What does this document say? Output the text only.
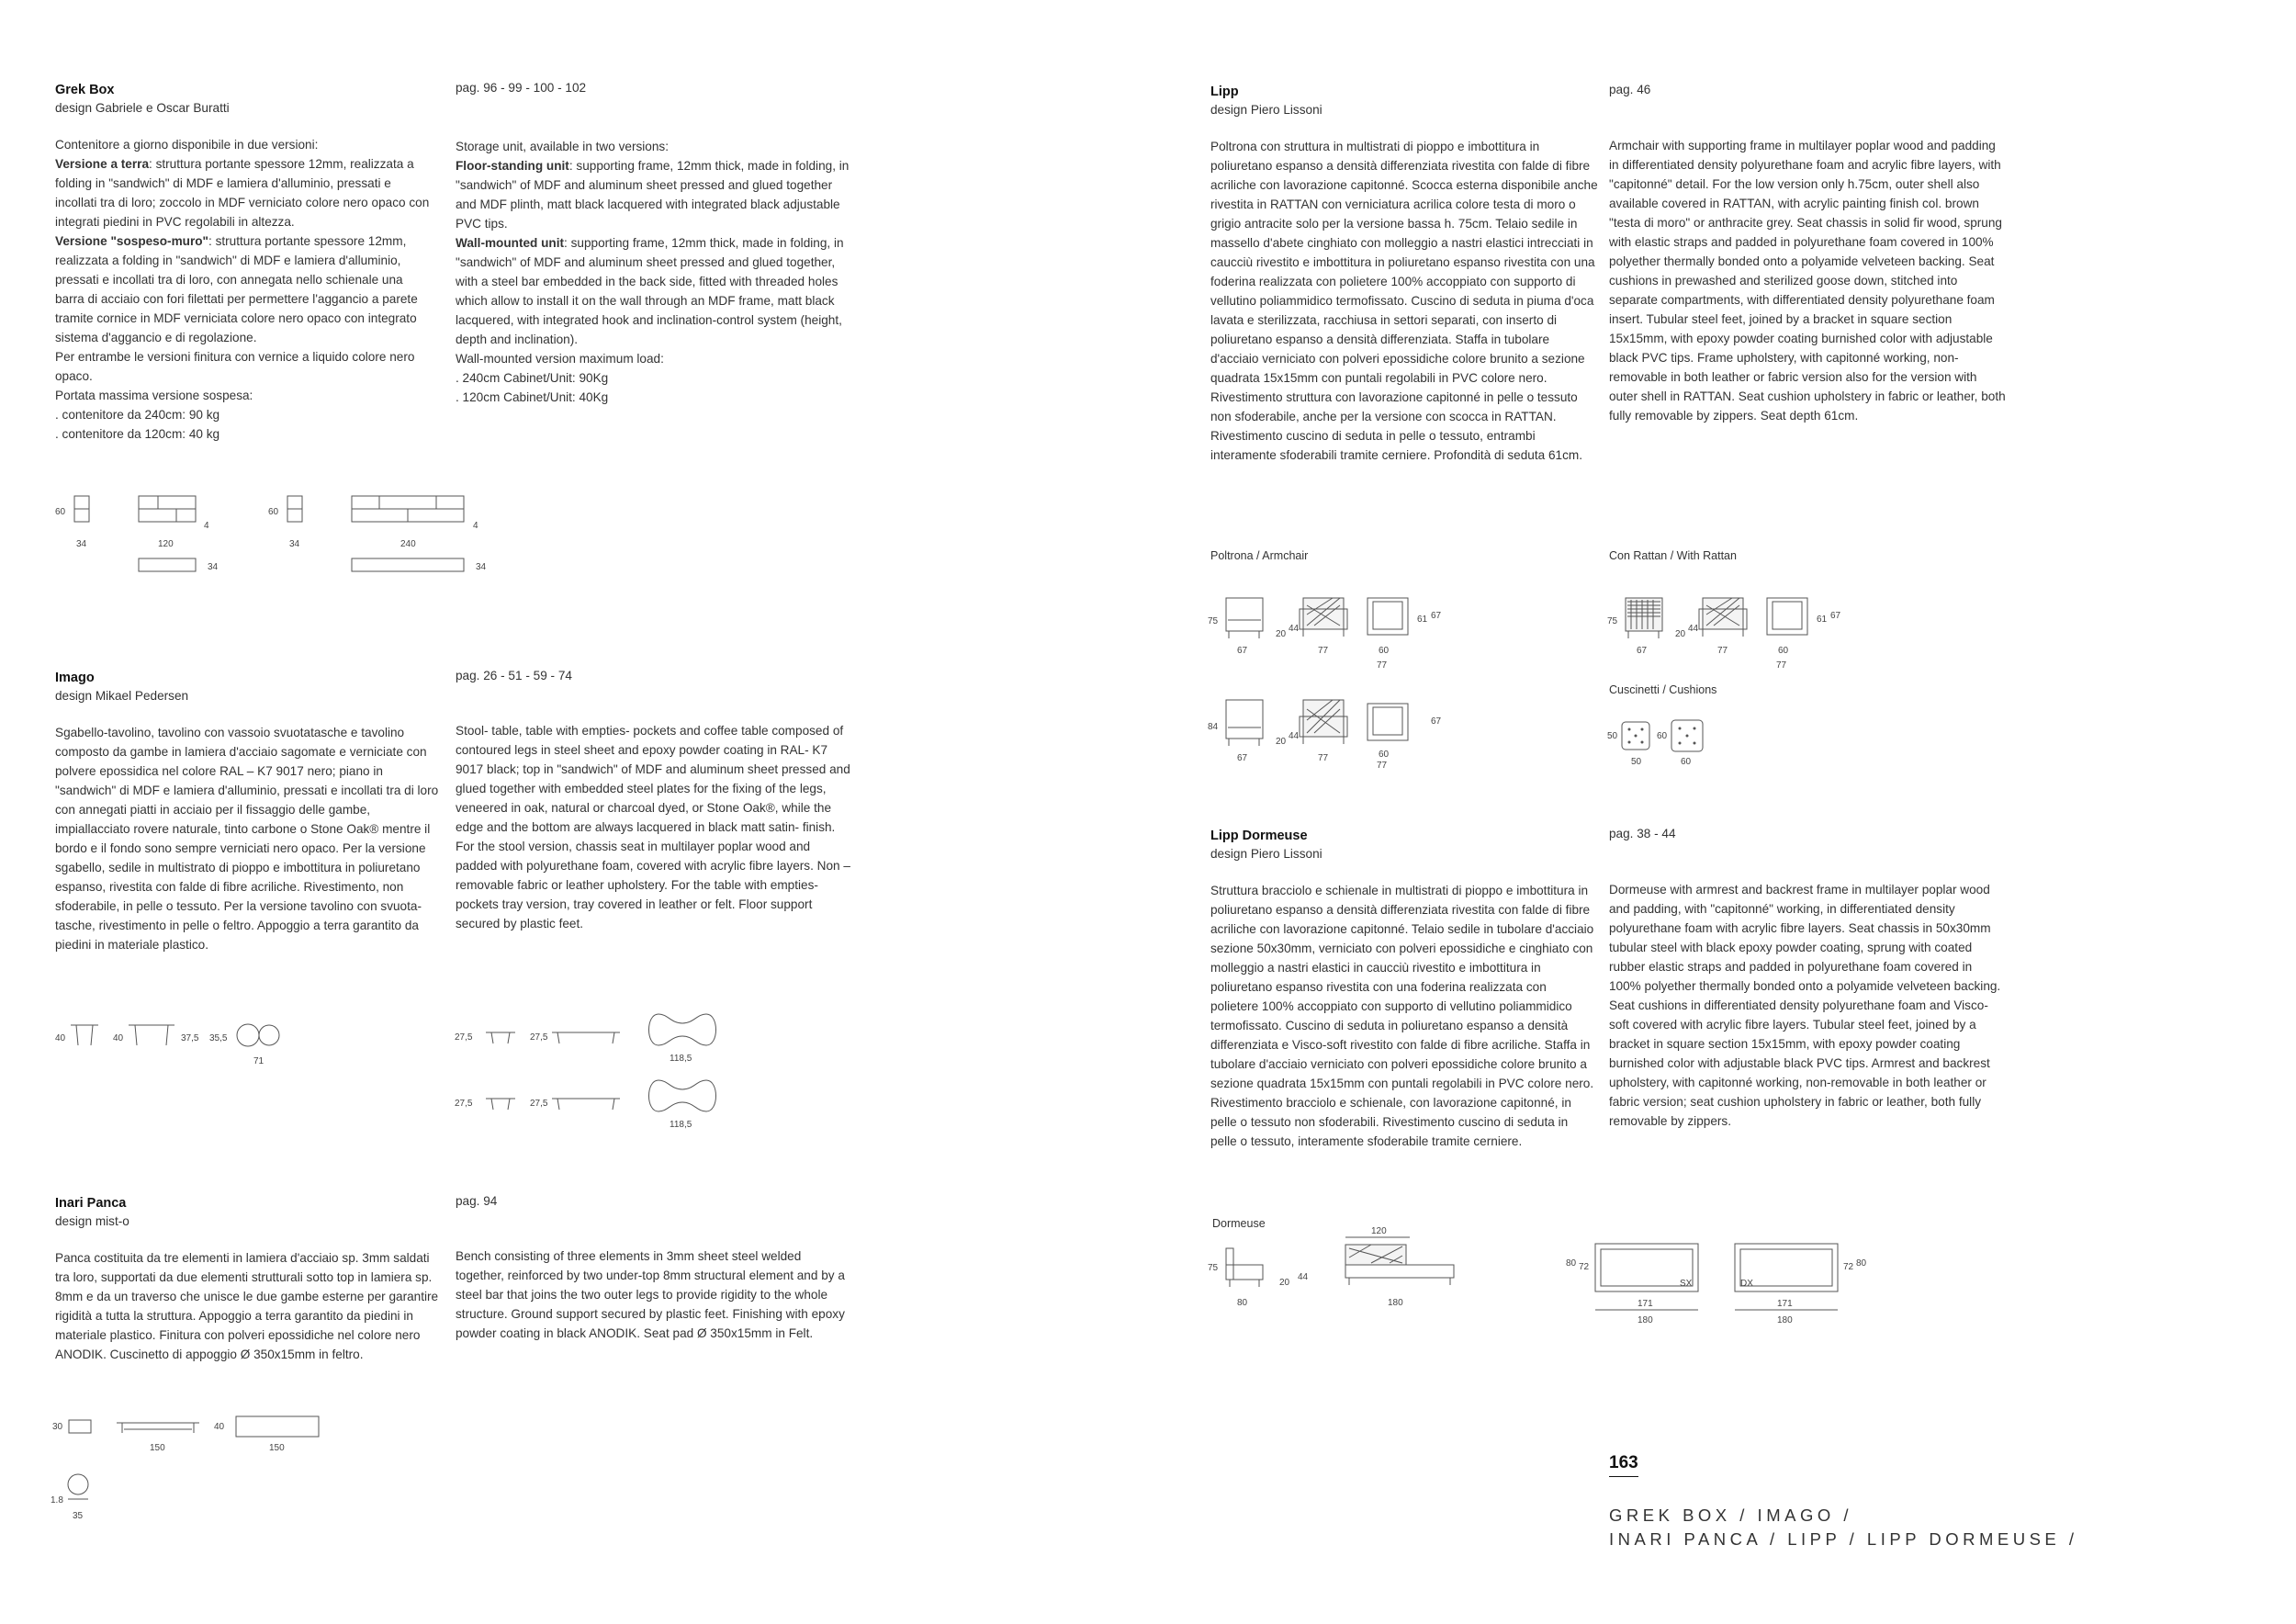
Grek Box
design Gabriele e Oscar Buratti

Contenitore a giorno disponibile in due versioni:

Versione a terra: struttura portante spessore 12mm, realizzata a folding in "sandwich" di MDF e lamiera d'alluminio, pressati e incollati tra di loro; zoccolo in MDF verniciato colore nero opaco con integrati piedini in PVC regolabili in altezza.

Versione "sospeso-muro": struttura portante spessore 12mm, realizzata a folding in "sandwich" di MDF e lamiera d'alluminio, pressati e incollati tra di loro, con annegata nello schienale una barra di acciaio con fori filettati per permettere l'aggancio a parete tramite cornice in MDF verniciata colore nero opaco con integrato sistema d'aggancio e di regolazione.

Per entrambe le versioni finitura con vernice a liquido colore nero opaco.

Portata massima versione sospesa:

. contenitore da 240cm: 90 kg

. contenitore da 120cm: 40 kg

pag. 96 - 99 - 100 - 102

Storage unit, available in two versions:

Floor-standing unit: supporting frame, 12mm thick, made in folding, in "sandwich" of MDF and aluminum sheet pressed and glued together and MDF plinth, matt black lacquered with integrated black adjustable PVC tips.

Wall-mounted unit: supporting frame, 12mm thick, made in folding, in "sandwich" of MDF and aluminum sheet pressed and glued together, with a steel bar embedded in the back side, fitted with threaded holes which allow to install it on the wall through an MDF frame, matt black lacquered, with integrated hook and inclination-control system (height, depth and inclination).

Wall-mounted version maximum load:

. 240cm Cabinet/Unit: 90Kg

. 120cm Cabinet/Unit: 40Kg

60
34	120
4
34
60
34	240
4
34
Imago
design Mikael Pedersen

Sgabello-tavolino, tavolino con vassoio svuotatasche e tavolino composto da gambe in lamiera d'acciaio sagomate e verniciate con polvere epossidica nel colore RAL – K7 9017 nero; piano in "sandwich" di MDF e lamiera d'alluminio, pressati e incollati tra di loro con annegati piatti in acciaio per il fissaggio delle gambe, impiallacciato rovere naturale, tinto carbone o Stone Oak® mentre il bordo e il fondo sono sempre verniciati nero opaco. Per la versione sgabello, sedile in multistrato di pioppo e imbottitura in poliuretano espanso, rivestita con falde di fibre acriliche. Rivestimento, non sfoderabile, in pelle o tessuto. Per la versione tavolino con svuota-tasche, rivestimento in pelle o feltro. Appoggio a terra garantito da piedini in materiale plastico.

pag. 26 - 51 - 59 - 74

Stool- table, table with empties- pockets and coffee table composed of contoured legs in steel sheet and epoxy powder coating in RAL- K7 9017 black; top in "sandwich" of MDF and aluminum sheet pressed and glued together with embedded steel plates for the fixing of the legs, veneered in oak, natural or charcoal dyed, or Stone Oak®, while the edge and the bottom are always lacquered in black matt satin- finish. For the stool version, chassis seat in multilayer poplar wood and padded with polyurethane foam, covered with acrylic fibre layers. Non – removable fabric or leather upholstery. For the table with empties-pockets tray version, tray covered in leather or felt. Floor support secured by plastic feet.

40	40	37,5 35,5
71
27,5	27,5
118,5
27,5	27,5
118,5
Inari Panca
design mist-o

Panca costituita da tre elementi in lamiera d'acciaio sp. 3mm saldati tra loro, supportati da due elementi strutturali sotto top in lamiera sp. 8mm e da un traverso che unisce le due gambe esterne per garantire rigidità a tutta la struttura. Appoggio a terra garantito da piedini in materiale plastico. Finitura con polveri epossidiche nel colore nero ANODIK. Cuscinetto di appoggio Ø 350x15mm in feltro.

pag. 94

Bench consisting of three elements in 3mm sheet steel welded together, reinforced by two under-top 8mm structural element and by a steel bar that joins the two outer legs to provide rigidity to the whole structure. Ground support secured by plastic feet. Finishing with epoxy powder coating in black ANODIK. Seat pad Ø 350x15mm in Felt.

30
150
40
150
1.8
35
Lipp
design Piero Lissoni

Poltrona con struttura in multistrati di pioppo e imbottitura in poliuretano espanso a densità differenziata rivestita con falde di fibre acriliche con lavorazione capitonné. Scocca esterna disponibile anche rivestita in RATTAN con verniciatura acrilica colore testa di moro o grigio antracite solo per la versione bassa h. 75cm. Telaio sedile in massello d'abete cinghiato con molleggio a nastri elastici intrecciati in caucciù rivestito e imbottitura in poliuretano espanso rivestita con una foderina realizzata con polietere 100% accoppiato con supporto di vellutino poliammidico termofissato. Cuscino di seduta in piuma d'oca lavata e sterilizzata, racchiusa in settori separati, con inserto di poliuretano espanso a densità differenziata. Staffa in tubolare d'acciaio verniciato con polveri epossidiche colore brunito a sezione quadrata 15x15mm con puntali regolabili in PVC colore nero. Rivestimento struttura con lavorazione capitonné in pelle o tessuto non sfoderabile, anche per la versione con scocca in RATTAN. Rivestimento cuscino di seduta in pelle o tessuto, entrambi interamente sfoderabili tramite cerniere. Profondità di seduta 61cm.

pag. 46

Armchair with supporting frame in multilayer poplar wood and padding in differentiated density polyurethane foam and acrylic fibre layers, with "capitonné" detail. For the low version only h.75cm, outer shell also available covered in RATTAN, with acrylic painting finish col. brown "testa di moro" or anthracite grey. Seat chassis in solid fir wood, sprung with elastic straps and padded in polyurethane foam covered in 100% polyether thermally bonded onto a polyamide velveteen backing. Seat cushions in prewashed and sterilized goose down, stitched into separate compartments, with differentiated density polyurethane foam insert. Tubular steel feet, joined by a bracket in square section 15x15mm, with epoxy powder coating burnished color with adjustable black PVC tips. Frame upholstery, with capitonné working, non-removable in both leather or fabric version also for the version with outer shell in RATTAN. Seat cushion upholstery in fabric or leather, both fully removable by zippers. Seat depth 61cm.

Poltrona / Armchair	Con Rattan / With Rattan
Cuscinetti / Cushions
75
67
20
44
77	60
77
61 67
84
67
20
44
77	60
77
67
75
67
20
44
77	60
77
61 67
50
50
60
60
Lipp Dormeuse
design Piero Lissoni

Struttura bracciolo e schienale in multistrati di pioppo e imbottitura in poliuretano espanso a densità differenziata rivestita con falde di fibre acriliche con lavorazione capitonné. Telaio sedile in tubolare d'acciaio sezione 50x30mm, verniciato con polveri epossidiche e cinghiato con molleggio a nastri elastici in caucciù rivestito e imbottitura in poliuretano espanso rivestita con una foderina realizzata con polietere 100% accoppiato con supporto di vellutino poliammidico termofissato. Cuscino di seduta in poliuretano espanso a densità differenziata e Visco-soft rivestito con falde di fibre acriliche. Staffa in tubolare d'acciaio verniciato con polveri epossidiche colore brunito a sezione quadrata 15x15mm con puntali regolabili in PVC colore nero. Rivestimento bracciolo e schienale, con lavorazione capitonné, in pelle o tessuto non sfoderabili. Rivestimento cuscino di seduta in pelle o tessuto, interamente sfoderabile tramite cerniere.

pag. 38 - 44

Dormeuse with armrest and backrest frame in multilayer poplar wood and padding, with "capitonné" working, in differentiated density polyurethane foam with acrylic fibre layers. Seat chassis in 50x30mm tubular steel with black epoxy powder coating, sprung with coated rubber elastic straps and padded in polyurethane foam covered in 100% polyether thermally bonded onto a polyamide velveteen backing. Seat cushions in differentiated density polyurethane foam and Visco-soft covered with acrylic fibre layers. Tubular steel feet, joined by a bracket in square section 15x15mm, with epoxy powder coating burnished color with adjustable black PVC tips. Armrest and backrest upholstery, with capitonné working, non-removable in both leather or fabric version; seat cushion upholstery in fabric or leather, both fully removable by zippers.

Dormeuse
75
80
20
44
120
180
80 72
SX
171
180
DX
72 80
171
180
163
GREK BOX / IMAGO /
INARI PANCA / LIPP / LIPP DORMEUSE /
